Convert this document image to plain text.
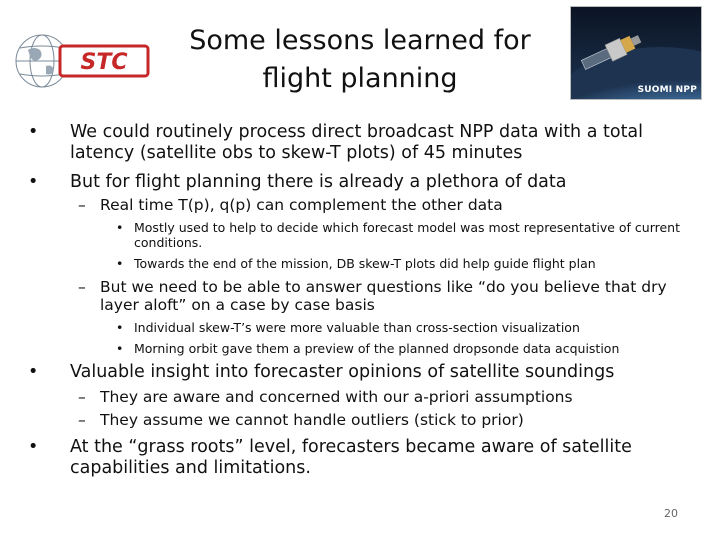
STC
Some lessons learned for
flight planning	SUOMI NPP
• We could routinely process direct broadcast NPP data with a total latency (satellite obs to skew-T plots) of 45 minutes
• But for flight planning there is already a plethora of data
– Real time T(p), q(p) can complement the other data
• Mostly used to help to decide which forecast model was most representative of current conditions.
• Towards the end of the mission, DB skew-T plots did help guide flight plan
– But we need to be able to answer questions like “do you believe that dry layer aloft” on a case by case basis
• Individual skew-T’s were more valuable than cross-section visualization
• Morning orbit gave them a preview of the planned dropsonde data acquistion
• Valuable insight into forecaster opinions of satellite soundings
– They are aware and concerned with our a-priori assumptions
– They assume we cannot handle outliers (stick to prior)
• At the “grass roots” level, forecasters became aware of satellite capabilities and limitations.
20
